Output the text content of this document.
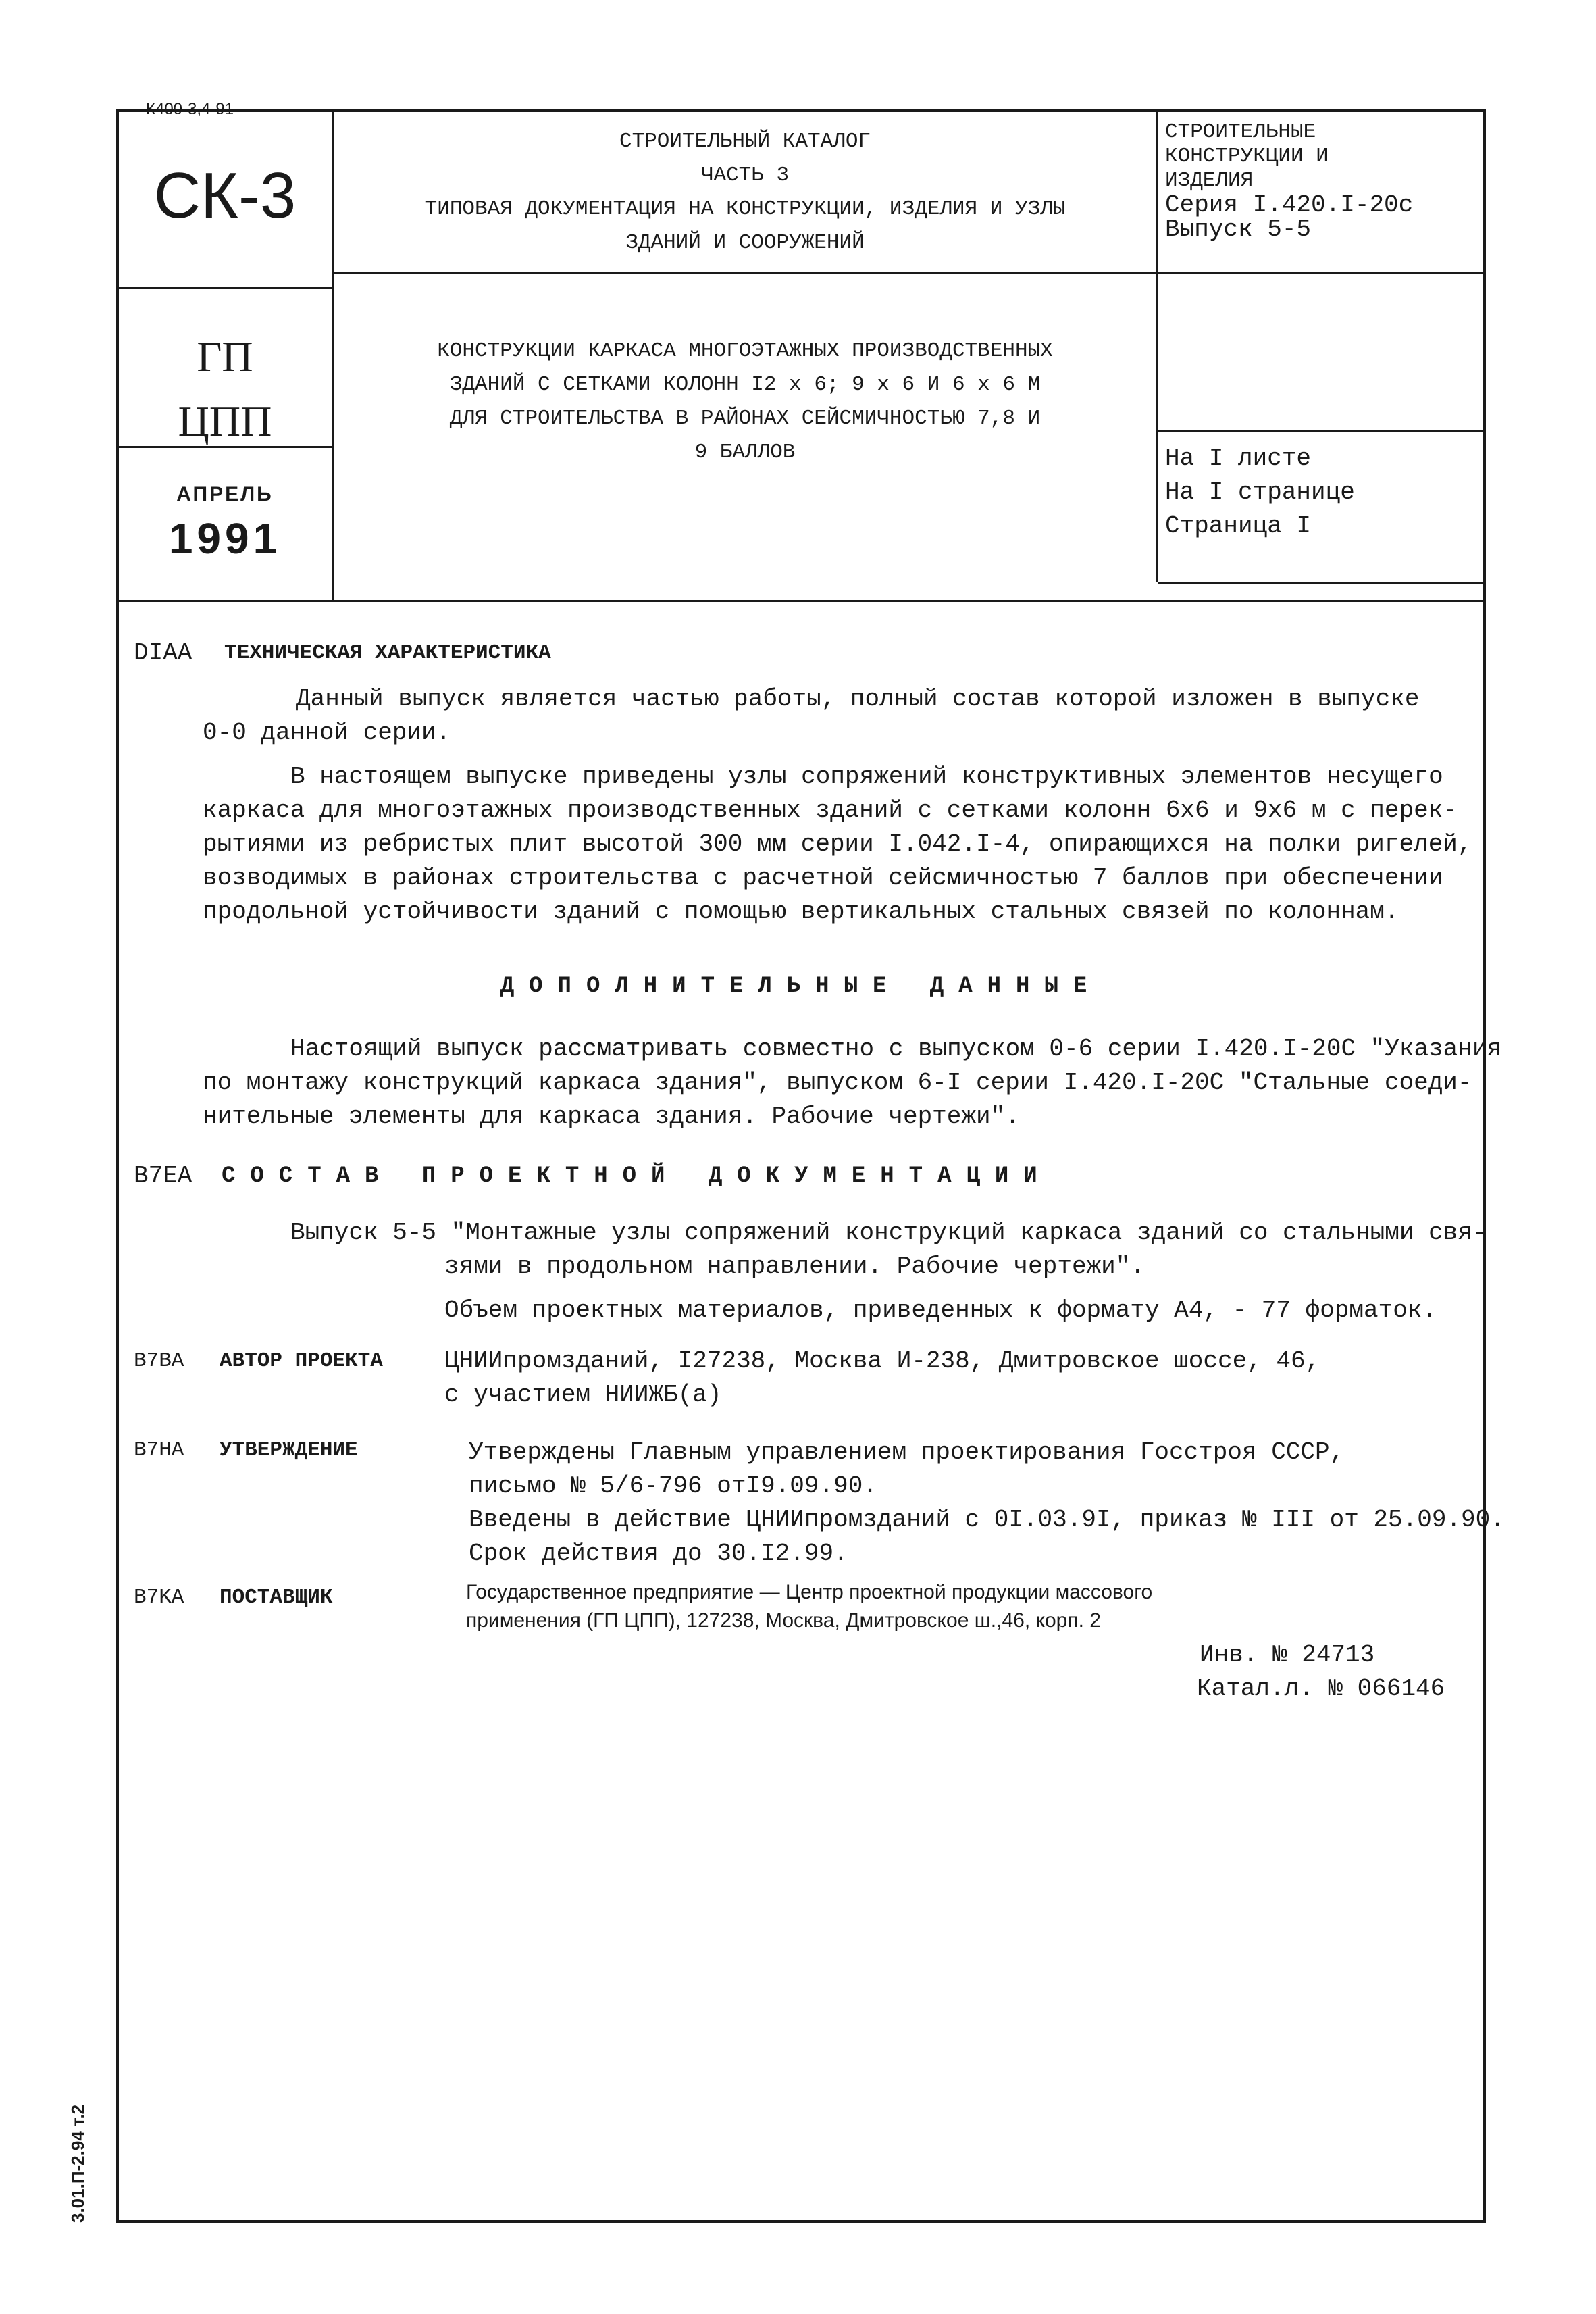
К400-3,4-91
СК-3
СТРОИТЕЛЬНЫЙ КАТАЛОГ
ЧАСТЬ 3
ТИПОВАЯ ДОКУМЕНТАЦИЯ НА КОНСТРУКЦИИ, ИЗДЕЛИЯ И УЗЛЫ
ЗДАНИЙ И СООРУЖЕНИЙ
СТРОИТЕЛЬНЫЕ
КОНСТРУКЦИИ И
ИЗДЕЛИЯ
Серия I.420.I-20с
Выпуск 5-5
ГП
ЦПП
АПРЕЛЬ
1991
КОНСТРУКЦИИ КАРКАСА МНОГОЭТАЖНЫХ ПРОИЗВОДСТВЕННЫХ
ЗДАНИЙ С СЕТКАМИ КОЛОНН I2 x 6; 9 x 6 И 6 x 6 М
ДЛЯ СТРОИТЕЛЬСТВА В РАЙОНАХ СЕЙСМИЧНОСТЬЮ 7,8 И
9 БАЛЛОВ	На I листе
На I странице
Страница I
DIAA ТЕХНИЧЕСКАЯ ХАРАКТЕРИСТИКА
Данный выпуск является частью работы, полный состав которой изложен в выпуске
0-0 данной серии.
В настоящем выпуске приведены узлы сопряжений конструктивных элементов несущего
каркаса для многоэтажных производственных зданий с сетками колонн 6х6 и 9х6 м с перек-
рытиями из ребристых плит высотой 300 мм серии I.042.I-4, опирающихся на полки ригелей,
возводимых в районах строительства с расчетной сейсмичностью 7 баллов при обеспечении
продольной устойчивости зданий с помощью вертикальных стальных связей по колоннам.
ДОПОЛНИТЕЛЬНЫЕ ДАННЫЕ
Настоящий выпуск рассматривать совместно с выпуском 0-6 серии I.420.I-20С "Указания
по монтажу конструкций каркаса здания", выпуском 6-I серии I.420.I-20С "Стальные соеди-
нительные элементы для каркаса здания. Рабочие чертежи".
B7EA СОСТАВ ПРОЕКТНОЙ ДОКУМЕНТАЦИИ
Выпуск 5-5 "Монтажные узлы сопряжений конструкций каркаса зданий со стальными свя-
зями в продольном направлении. Рабочие чертежи".
Объем проектных материалов, приведенных к формату А4, - 77 форматок.
B7BA АВТОР ПРОЕКТА	ЦНИИпромзданий, I27238, Москва И-238, Дмитровское шоссе, 46,
с участием НИИЖБ(а)
B7HA УТВЕРЖДЕНИЕ	Утверждены Главным управлением проектирования Госстроя СССР,
письмо № 5/6-796 отI9.09.90.
Введены в действие ЦНИИпромзданий с 0I.03.9I, приказ № III от 25.09.90.
Срок действия до 30.I2.99.
B7KA ПОСТАВЩИК	Государственное предприятие — Центр проектной продукции массового
применения (ГП ЦПП), 127238, Москва, Дмитровское ш.,46, корп. 2
Инв. № 24713
Катал.л. № 066146
3.01.П-2.94 т.2
